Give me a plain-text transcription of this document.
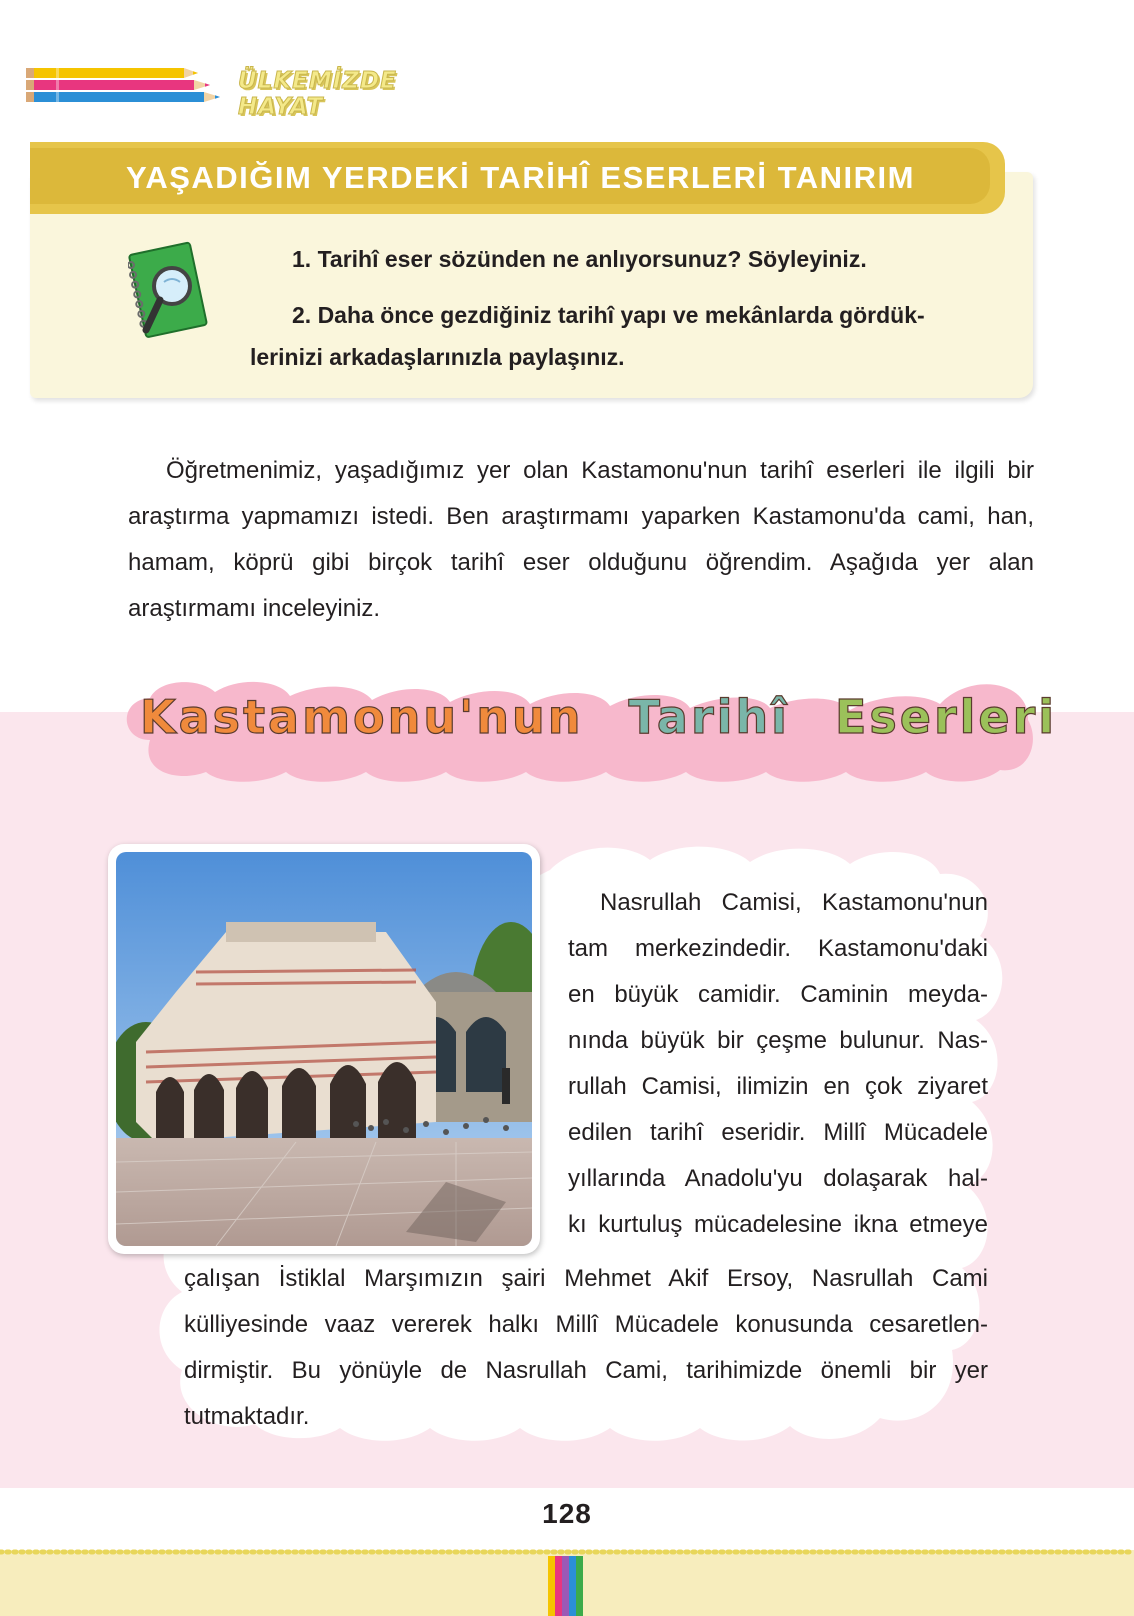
ÜLKEMİZDE HAYAT
YAŞADIĞIM YERDEKİ TARİHÎ ESERLERİ TANIRIM
1. Tarihî eser sözünden ne anlıyorsunuz? Söyleyiniz.
2. Daha önce gezdiğiniz tarihî yapı ve mekânlarda gördük-
lerinizi arkadaşlarınızla paylaşınız.
Öğretmenimiz, yaşadığımız yer olan Kastamonu'nun tarihî eserleri ile ilgili bir araştırma yapmamızı istedi. Ben araştırmamı yaparken Kastamonu'da cami, han, hamam, köprü gibi birçok tarihî eser olduğunu öğrendim. Aşağıda yer alan araştırmamı inceleyiniz.
Kastamonu'nun Tarihî Eserleri
Nasrullah Camisi, Kastamonu'nun
tam merkezindedir. Kastamonu'daki
en büyük camidir. Caminin meyda-
nında büyük bir çeşme bulunur. Nas-
rullah Camisi, ilimizin en çok ziyaret
edilen tarihî eseridir. Millî Mücadele
yıllarında Anadolu'yu dolaşarak hal-
kı kurtuluş mücadelesine ikna etmeye
çalışan İstiklal Marşımızın şairi Mehmet Akif Ersoy, Nasrullah Cami
külliyesinde vaaz vererek halkı Millî Mücadele konusunda cesaretlen-
dirmiştir. Bu yönüyle de Nasrullah Cami, tarihimizde önemli bir yer
tutmaktadır.
128
